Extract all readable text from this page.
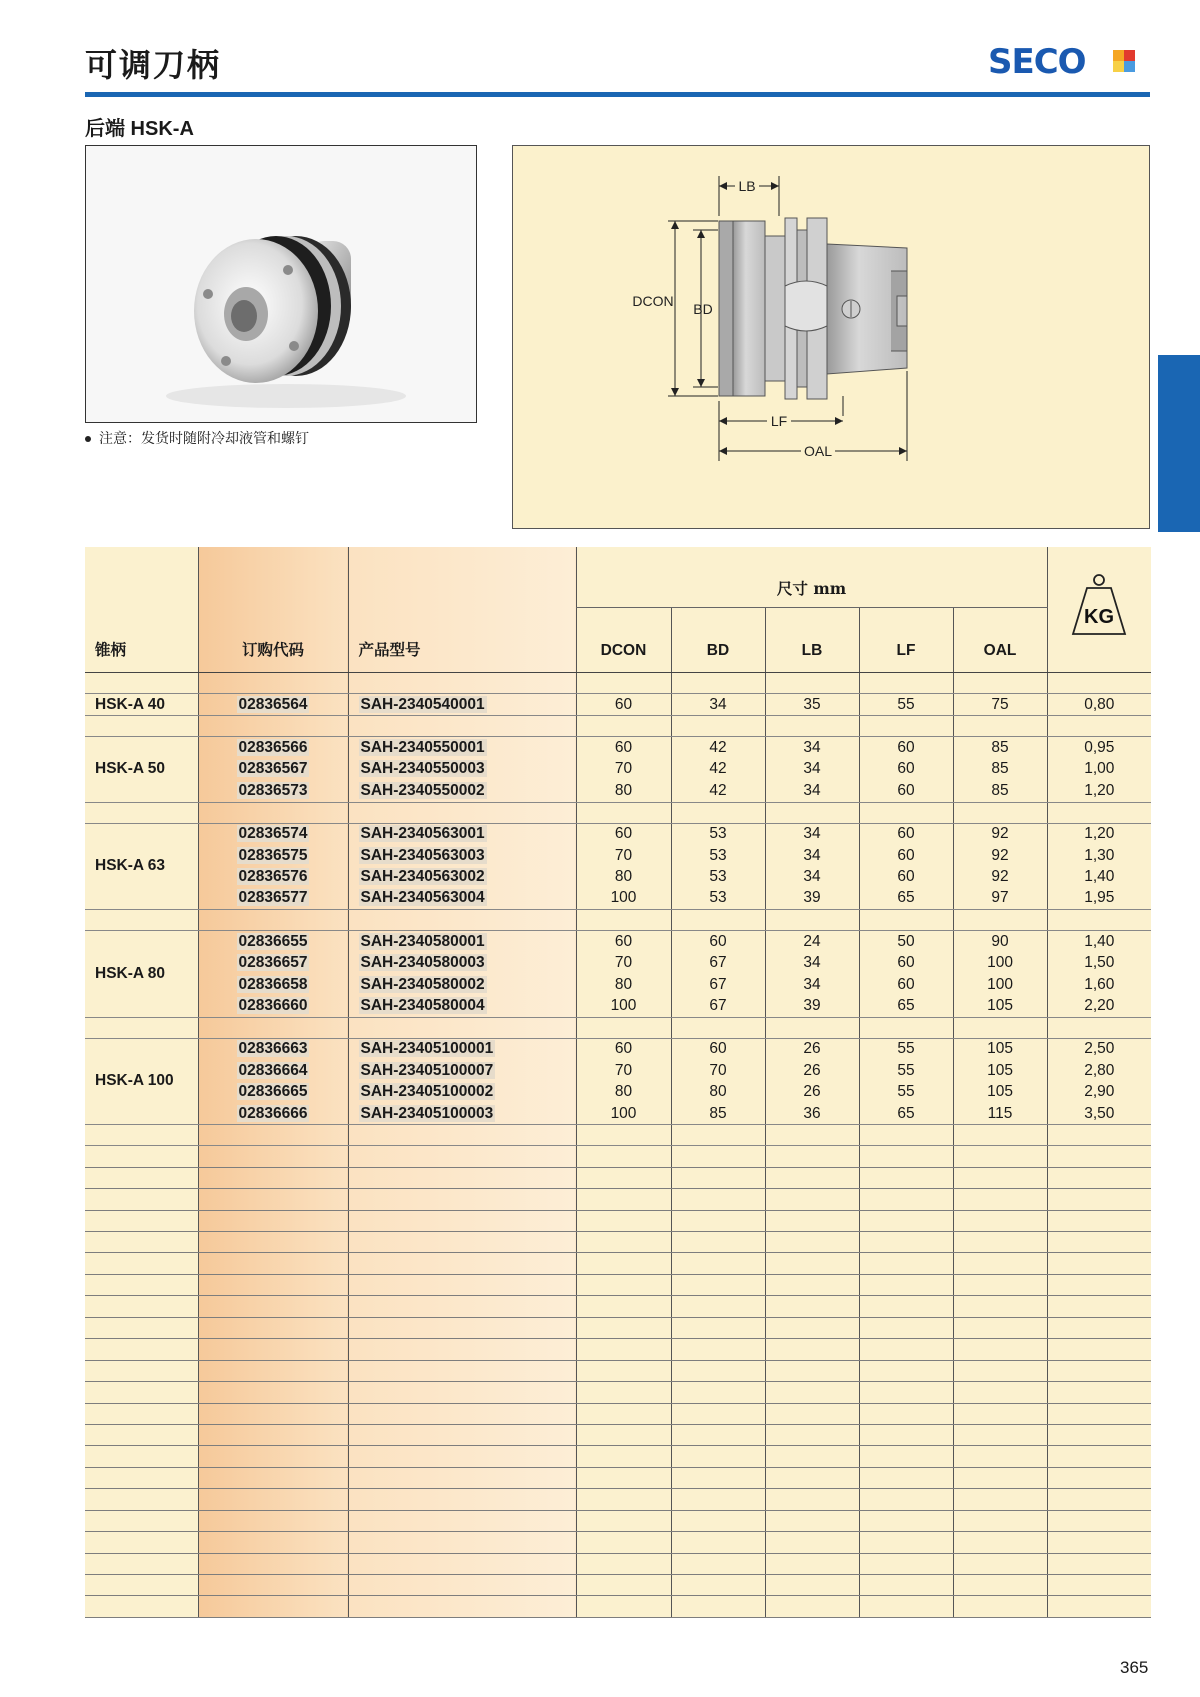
可调刀柄	SECO
后端 HSK-A
注意：发货时随附冷却液管和螺钉
LB
DCON BD
LF
OAL
锥柄	订购代码	产品型号	尺寸 mm					KG

			DCON	BD	LB	LF	OAL	

HSK-A 40	02836564	SAH-2340540001	60	34	35	55	75	0,80

HSK-A 50	02836566	SAH-2340550001	60	42	34	60	85	0,95
	02836567	SAH-2340550003	70	42	34	60	85	1,00
	02836573	SAH-2340550002	80	42	34	60	85	1,20

HSK-A 63	02836574	SAH-2340563001	60	53	34	60	92	1,20
	02836575	SAH-2340563003	70	53	34	60	92	1,30
	02836576	SAH-2340563002	80	53	34	60	92	1,40
	02836577	SAH-2340563004	100	53	39	65	97	1,95

HSK-A 80	02836655	SAH-2340580001	60	60	24	50	90	1,40
	02836657	SAH-2340580003	70	67	34	60	100	1,50
	02836658	SAH-2340580002	80	67	34	60	100	1,60
	02836660	SAH-2340580004	100	67	39	65	105	2,20

HSK-A 100	02836663	SAH-23405100001	60	60	26	55	105	2,50
	02836664	SAH-23405100007	70	70	26	55	105	2,80
	02836665	SAH-23405100002	80	80	26	55	105	2,90
	02836666	SAH-23405100003	100	85	36	65	115	3,50

365
